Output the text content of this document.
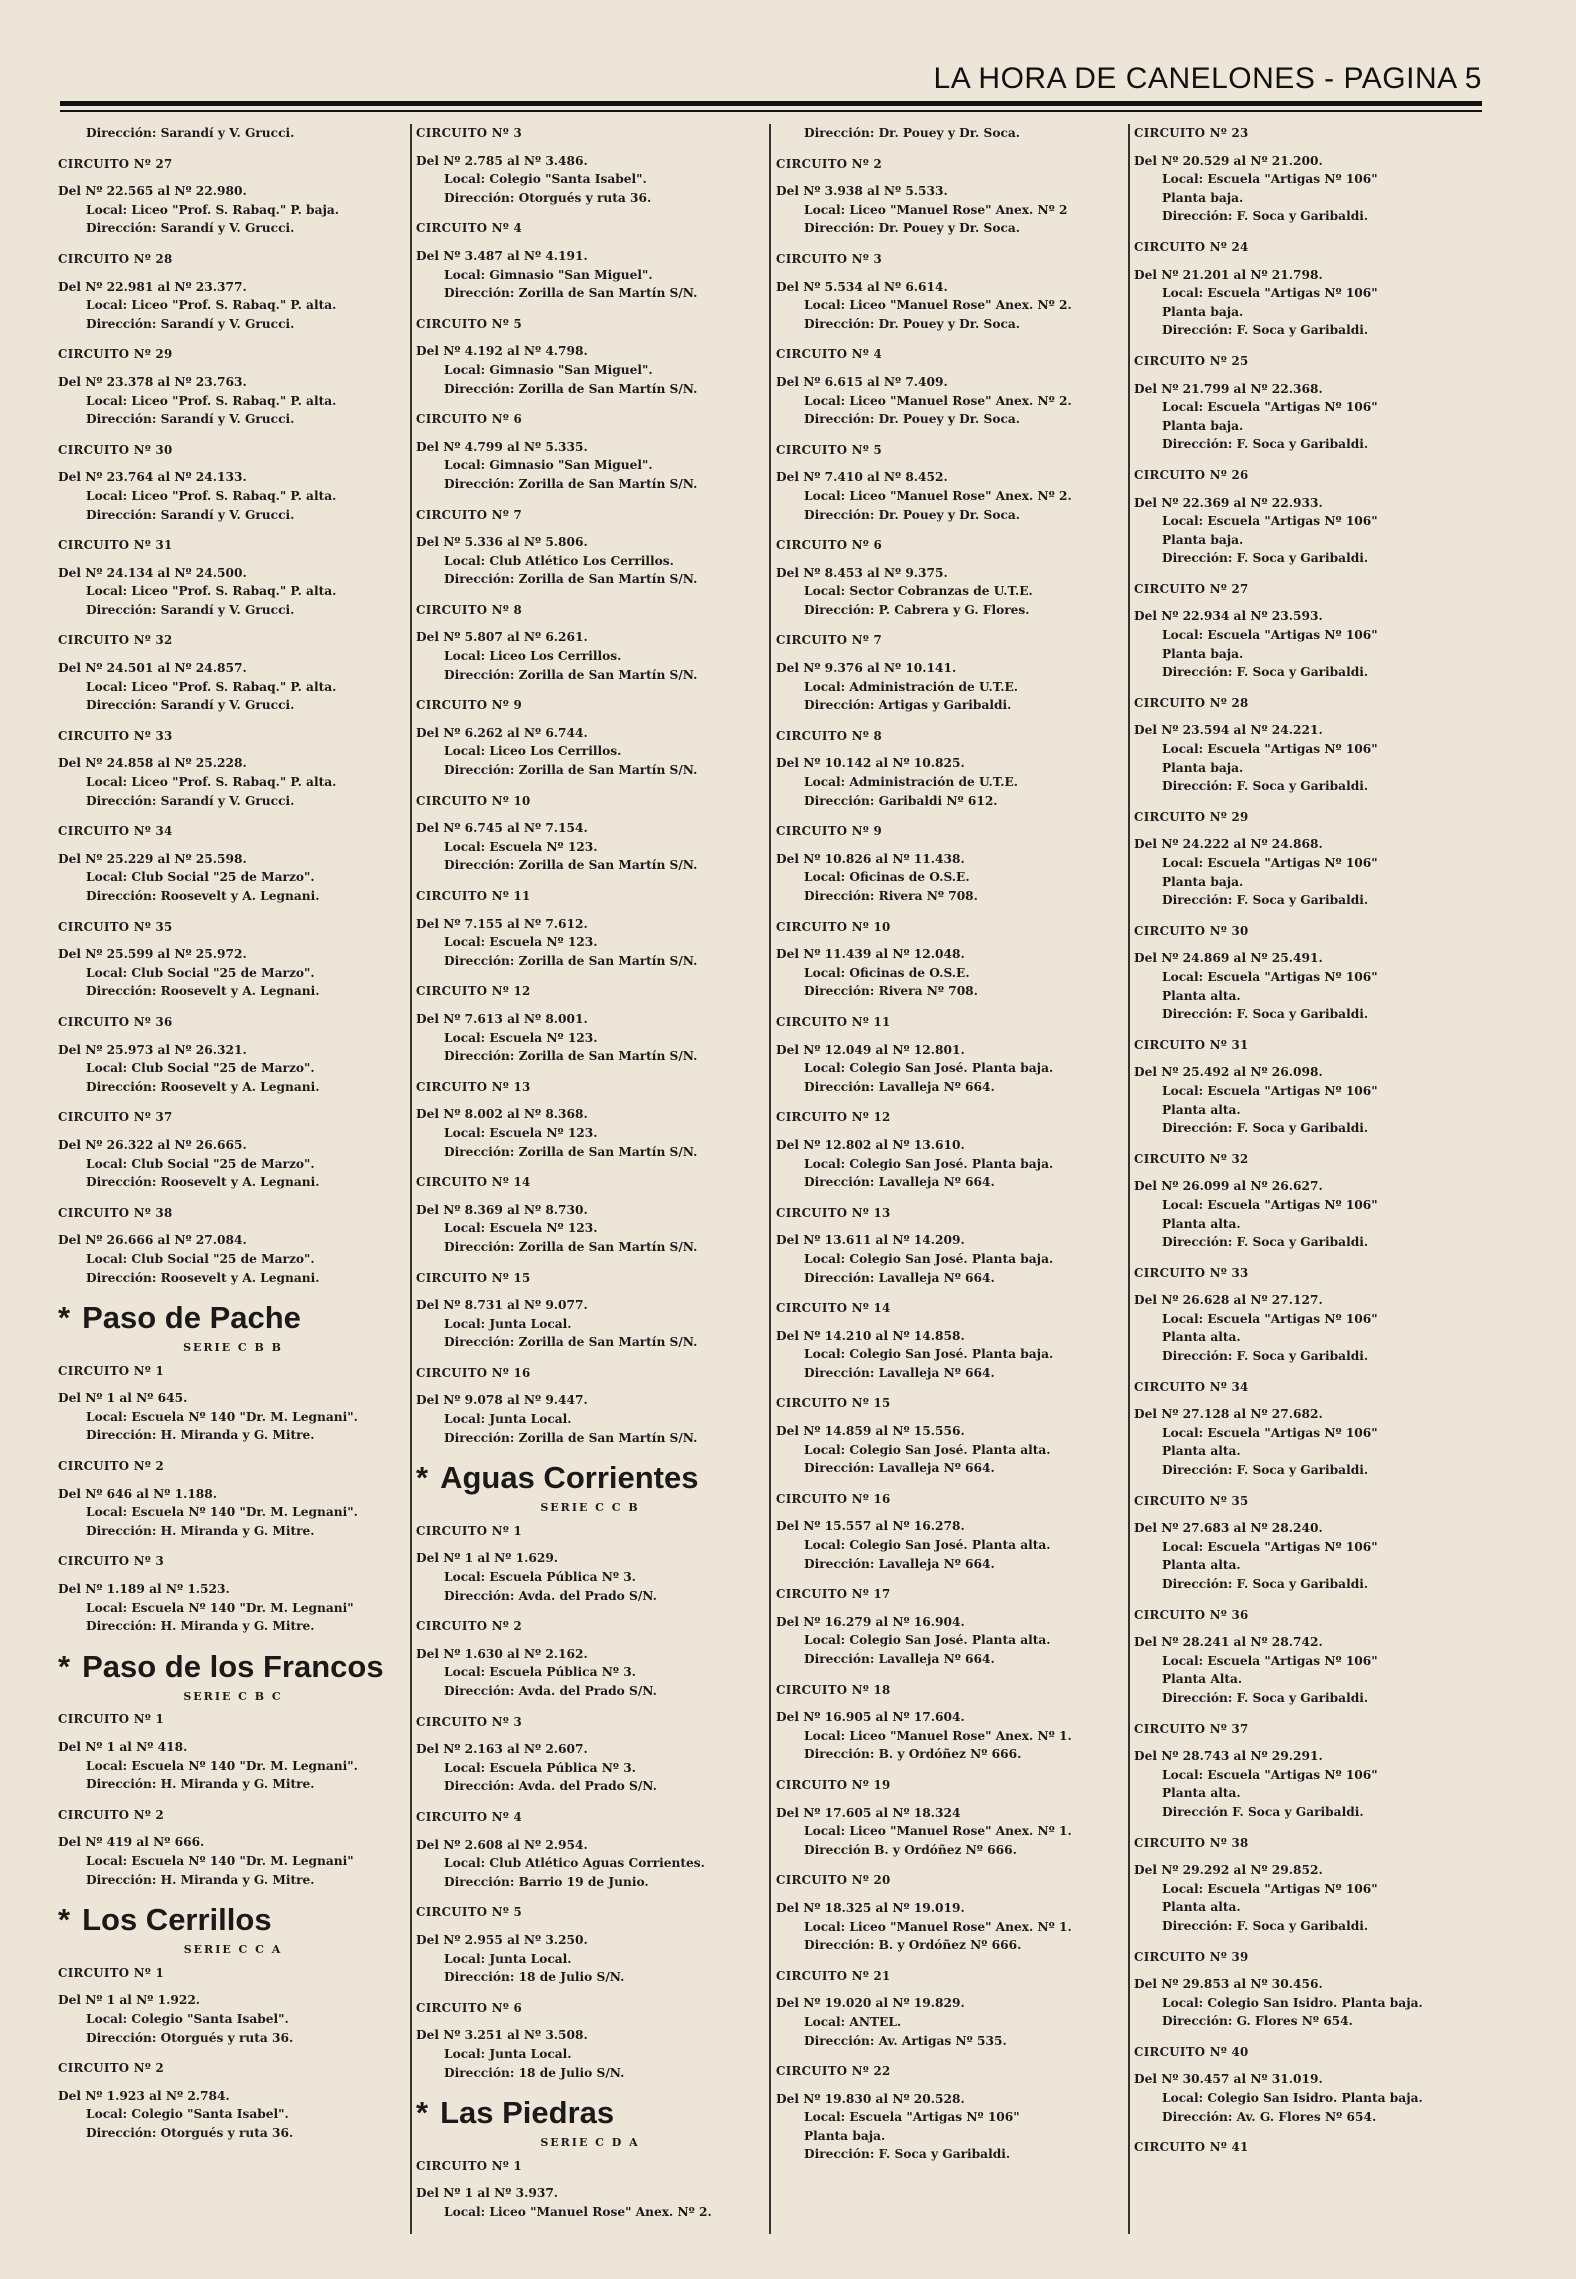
LA HORA DE CANELONES - PAGINA 5
Dirección: Sarandí y V. Grucci.
CIRCUITO Nº 27
Del Nº 22.565 al Nº 22.980.
Local: Liceo "Prof. S. Rabaq." P. baja.
Dirección: Sarandí y V. Grucci.
CIRCUITO Nº 28
Del Nº 22.981 al Nº 23.377.
Local: Liceo "Prof. S. Rabaq." P. alta.
Dirección: Sarandí y V. Grucci.
CIRCUITO Nº 29
Del Nº 23.378 al Nº 23.763.
Local: Liceo "Prof. S. Rabaq." P. alta.
Dirección: Sarandí y V. Grucci.
CIRCUITO Nº 30
Del Nº 23.764 al Nº 24.133.
Local: Liceo "Prof. S. Rabaq." P. alta.
Dirección: Sarandí y V. Grucci.
CIRCUITO Nº 31
Del Nº 24.134 al Nº 24.500.
Local: Liceo "Prof. S. Rabaq." P. alta.
Dirección: Sarandí y V. Grucci.
CIRCUITO Nº 32
Del Nº 24.501 al Nº 24.857.
Local: Liceo "Prof. S. Rabaq." P. alta.
Dirección: Sarandí y V. Grucci.
CIRCUITO Nº 33
Del Nº 24.858 al Nº 25.228.
Local: Liceo "Prof. S. Rabaq." P. alta.
Dirección: Sarandí y V. Grucci.
CIRCUITO Nº 34
Del Nº 25.229 al Nº 25.598.
Local: Club Social "25 de Marzo".
Dirección: Roosevelt y A. Legnani.
CIRCUITO Nº 35
Del Nº 25.599 al Nº 25.972.
Local: Club Social "25 de Marzo".
Dirección: Roosevelt y A. Legnani.
CIRCUITO Nº 36
Del Nº 25.973 al Nº 26.321.
Local: Club Social "25 de Marzo".
Dirección: Roosevelt y A. Legnani.
CIRCUITO Nº 37
Del Nº 26.322 al Nº 26.665.
Local: Club Social "25 de Marzo".
Dirección: Roosevelt y A. Legnani.
CIRCUITO Nº 38
Del Nº 26.666 al Nº 27.084.
Local: Club Social "25 de Marzo".
Dirección: Roosevelt y A. Legnani.
* Paso de Pache
SERIE C B B
CIRCUITO Nº 1
Del Nº 1 al Nº 645.
Local: Escuela Nº 140 "Dr. M. Legnani".
Dirección: H. Miranda y G. Mitre.
CIRCUITO Nº 2
Del Nº 646 al Nº 1.188.
Local: Escuela Nº 140 "Dr. M. Legnani".
Dirección: H. Miranda y G. Mitre.
CIRCUITO Nº 3
Del Nº 1.189 al Nº 1.523.
Local: Escuela Nº 140 "Dr. M. Legnani"
Dirección: H. Miranda y G. Mitre.
* Paso de los Francos
SERIE C B C
CIRCUITO Nº 1
Del Nº 1 al Nº 418.
Local: Escuela Nº 140 "Dr. M. Legnani".
Dirección: H. Miranda y G. Mitre.
CIRCUITO Nº 2
Del Nº 419 al Nº 666.
Local: Escuela Nº 140 "Dr. M. Legnani"
Dirección: H. Miranda y G. Mitre.
* Los Cerrillos
SERIE C C A
CIRCUITO Nº 1
Del Nº 1 al Nº 1.922.
Local: Colegio "Santa Isabel".
Dirección: Otorgués y ruta 36.
CIRCUITO Nº 2
Del Nº 1.923 al Nº 2.784.
Local: Colegio "Santa Isabel".
Dirección: Otorgués y ruta 36.
CIRCUITO Nº 3
Del Nº 2.785 al Nº 3.486.
Local: Colegio "Santa Isabel".
Dirección: Otorgués y ruta 36.
CIRCUITO Nº 4
Del Nº 3.487 al Nº 4.191.
Local: Gimnasio "San Miguel".
Dirección: Zorilla de San Martín S/N.
CIRCUITO Nº 5
Del Nº 4.192 al Nº 4.798.
Local: Gimnasio "San Miguel".
Dirección: Zorilla de San Martín S/N.
CIRCUITO Nº 6
Del Nº 4.799 al Nº 5.335.
Local: Gimnasio "San Miguel".
Dirección: Zorilla de San Martín S/N.
CIRCUITO Nº 7
Del Nº 5.336 al Nº 5.806.
Local: Club Atlético Los Cerrillos.
Dirección: Zorilla de San Martín S/N.
CIRCUITO Nº 8
Del Nº 5.807 al Nº 6.261.
Local: Liceo Los Cerrillos.
Dirección: Zorilla de San Martín S/N.
CIRCUITO Nº 9
Del Nº 6.262 al Nº 6.744.
Local: Liceo Los Cerrillos.
Dirección: Zorilla de San Martín S/N.
CIRCUITO Nº 10
Del Nº 6.745 al Nº 7.154.
Local: Escuela Nº 123.
Dirección: Zorilla de San Martín S/N.
CIRCUITO Nº 11
Del Nº 7.155 al Nº 7.612.
Local: Escuela Nº 123.
Dirección: Zorilla de San Martín S/N.
CIRCUITO Nº 12
Del Nº 7.613 al Nº 8.001.
Local: Escuela Nº 123.
Dirección: Zorilla de San Martín S/N.
CIRCUITO Nº 13
Del Nº 8.002 al Nº 8.368.
Local: Escuela Nº 123.
Dirección: Zorilla de San Martín S/N.
CIRCUITO Nº 14
Del Nº 8.369 al Nº 8.730.
Local: Escuela Nº 123.
Dirección: Zorilla de San Martín S/N.
CIRCUITO Nº 15
Del Nº 8.731 al Nº 9.077.
Local: Junta Local.
Dirección: Zorilla de San Martín S/N.
CIRCUITO Nº 16
Del Nº 9.078 al Nº 9.447.
Local: Junta Local.
Dirección: Zorilla de San Martín S/N.
* Aguas Corrientes
SERIE C C B
CIRCUITO Nº 1
Del Nº 1 al Nº 1.629.
Local: Escuela Pública Nº 3.
Dirección: Avda. del Prado S/N.
CIRCUITO Nº 2
Del Nº 1.630 al Nº 2.162.
Local: Escuela Pública Nº 3.
Dirección: Avda. del Prado S/N.
CIRCUITO Nº 3
Del Nº 2.163 al Nº 2.607.
Local: Escuela Pública Nº 3.
Dirección: Avda. del Prado S/N.
CIRCUITO Nº 4
Del Nº 2.608 al Nº 2.954.
Local: Club Atlético Aguas Corrientes.
Dirección: Barrio 19 de Junio.
CIRCUITO Nº 5
Del Nº 2.955 al Nº 3.250.
Local: Junta Local.
Dirección: 18 de Julio S/N.
CIRCUITO Nº 6
Del Nº 3.251 al Nº 3.508.
Local: Junta Local.
Dirección: 18 de Julio S/N.
* Las Piedras
SERIE C D A
CIRCUITO Nº 1
Del Nº 1 al Nº 3.937.
Local: Liceo "Manuel Rose" Anex. Nº 2.
Dirección: Dr. Pouey y Dr. Soca.
CIRCUITO Nº 2
Del Nº 3.938 al Nº 5.533.
Local: Liceo "Manuel Rose" Anex. Nº 2
Dirección: Dr. Pouey y Dr. Soca.
CIRCUITO Nº 3
Del Nº 5.534 al Nº 6.614.
Local: Liceo "Manuel Rose" Anex. Nº 2.
Dirección: Dr. Pouey y Dr. Soca.
CIRCUITO Nº 4
Del Nº 6.615 al Nº 7.409.
Local: Liceo "Manuel Rose" Anex. Nº 2.
Dirección: Dr. Pouey y Dr. Soca.
CIRCUITO Nº 5
Del Nº 7.410 al Nº 8.452.
Local: Liceo "Manuel Rose" Anex. Nº 2.
Dirección: Dr. Pouey y Dr. Soca.
CIRCUITO Nº 6
Del Nº 8.453 al Nº 9.375.
Local: Sector Cobranzas de U.T.E.
Dirección: P. Cabrera y G. Flores.
CIRCUITO Nº 7
Del Nº 9.376 al Nº 10.141.
Local: Administración de U.T.E.
Dirección: Artigas y Garibaldi.
CIRCUITO Nº 8
Del Nº 10.142 al Nº 10.825.
Local: Administración de U.T.E.
Dirección: Garibaldi Nº 612.
CIRCUITO Nº 9
Del Nº 10.826 al Nº 11.438.
Local: Oficinas de O.S.E.
Dirección: Rivera Nº 708.
CIRCUITO Nº 10
Del Nº 11.439 al Nº 12.048.
Local: Oficinas de O.S.E.
Dirección: Rivera Nº 708.
CIRCUITO Nº 11
Del Nº 12.049 al Nº 12.801.
Local: Colegio San José. Planta baja.
Dirección: Lavalleja Nº 664.
CIRCUITO Nº 12
Del Nº 12.802 al Nº 13.610.
Local: Colegio San José. Planta baja.
Dirección: Lavalleja Nº 664.
CIRCUITO Nº 13
Del Nº 13.611 al Nº 14.209.
Local: Colegio San José. Planta baja.
Dirección: Lavalleja Nº 664.
CIRCUITO Nº 14
Del Nº 14.210 al Nº 14.858.
Local: Colegio San José. Planta baja.
Dirección: Lavalleja Nº 664.
CIRCUITO Nº 15
Del Nº 14.859 al Nº 15.556.
Local: Colegio San José. Planta alta.
Dirección: Lavalleja Nº 664.
CIRCUITO Nº 16
Del Nº 15.557 al Nº 16.278.
Local: Colegio San José. Planta alta.
Dirección: Lavalleja Nº 664.
CIRCUITO Nº 17
Del Nº 16.279 al Nº 16.904.
Local: Colegio San José. Planta alta.
Dirección: Lavalleja Nº 664.
CIRCUITO Nº 18
Del Nº 16.905 al Nº 17.604.
Local: Liceo "Manuel Rose" Anex. Nº 1.
Dirección: B. y Ordóñez Nº 666.
CIRCUITO Nº 19
Del Nº 17.605 al Nº 18.324
Local: Liceo "Manuel Rose" Anex. Nº 1.
Dirección B. y Ordóñez Nº 666.
CIRCUITO Nº 20
Del Nº 18.325 al Nº 19.019.
Local: Liceo "Manuel Rose" Anex. Nº 1.
Dirección: B. y Ordóñez Nº 666.
CIRCUITO Nº 21
Del Nº 19.020 al Nº 19.829.
Local: ANTEL.
Dirección: Av. Artigas Nº 535.
CIRCUITO Nº 22
Del Nº 19.830 al Nº 20.528.
Local: Escuela "Artigas Nº 106"
Planta baja.
Dirección: F. Soca y Garibaldi.
CIRCUITO Nº 23
Del Nº 20.529 al Nº 21.200.
Local: Escuela "Artigas Nº 106"
Planta baja.
Dirección: F. Soca y Garibaldi.
CIRCUITO Nº 24
Del Nº 21.201 al Nº 21.798.
Local: Escuela "Artigas Nº 106"
Planta baja.
Dirección: F. Soca y Garibaldi.
CIRCUITO Nº 25
Del Nº 21.799 al Nº 22.368.
Local: Escuela "Artigas Nº 106"
Planta baja.
Dirección: F. Soca y Garibaldi.
CIRCUITO Nº 26
Del Nº 22.369 al Nº 22.933.
Local: Escuela "Artigas Nº 106"
Planta baja.
Dirección: F. Soca y Garibaldi.
CIRCUITO Nº 27
Del Nº 22.934 al Nº 23.593.
Local: Escuela "Artigas Nº 106"
Planta baja.
Dirección: F. Soca y Garibaldi.
CIRCUITO Nº 28
Del Nº 23.594 al Nº 24.221.
Local: Escuela "Artigas Nº 106"
Planta baja.
Dirección: F. Soca y Garibaldi.
CIRCUITO Nº 29
Del Nº 24.222 al Nº 24.868.
Local: Escuela "Artigas Nº 106"
Planta baja.
Dirección: F. Soca y Garibaldi.
CIRCUITO Nº 30
Del Nº 24.869 al Nº 25.491.
Local: Escuela "Artigas Nº 106"
Planta alta.
Dirección: F. Soca y Garibaldi.
CIRCUITO Nº 31
Del Nº 25.492 al Nº 26.098.
Local: Escuela "Artigas Nº 106"
Planta alta.
Dirección: F. Soca y Garibaldi.
CIRCUITO Nº 32
Del Nº 26.099 al Nº 26.627.
Local: Escuela "Artigas Nº 106"
Planta alta.
Dirección: F. Soca y Garibaldi.
CIRCUITO Nº 33
Del Nº 26.628 al Nº 27.127.
Local: Escuela "Artigas Nº 106"
Planta alta.
Dirección: F. Soca y Garibaldi.
CIRCUITO Nº 34
Del Nº 27.128 al Nº 27.682.
Local: Escuela "Artigas Nº 106"
Planta alta.
Dirección: F. Soca y Garibaldi.
CIRCUITO Nº 35
Del Nº 27.683 al Nº 28.240.
Local: Escuela "Artigas Nº 106"
Planta alta.
Dirección: F. Soca y Garibaldi.
CIRCUITO Nº 36
Del Nº 28.241 al Nº 28.742.
Local: Escuela "Artigas Nº 106"
Planta Alta.
Dirección: F. Soca y Garibaldi.
CIRCUITO Nº 37
Del Nº 28.743 al Nº 29.291.
Local: Escuela "Artigas Nº 106"
Planta alta.
Dirección F. Soca y Garibaldi.
CIRCUITO Nº 38
Del Nº 29.292 al Nº 29.852.
Local: Escuela "Artigas Nº 106"
Planta alta.
Dirección: F. Soca y Garibaldi.
CIRCUITO Nº 39
Del Nº 29.853 al Nº 30.456.
Local: Colegio San Isidro. Planta baja.
Dirección: G. Flores Nº 654.
CIRCUITO Nº 40
Del Nº 30.457 al Nº 31.019.
Local: Colegio San Isidro. Planta baja.
Dirección: Av. G. Flores Nº 654.
CIRCUITO Nº 41
